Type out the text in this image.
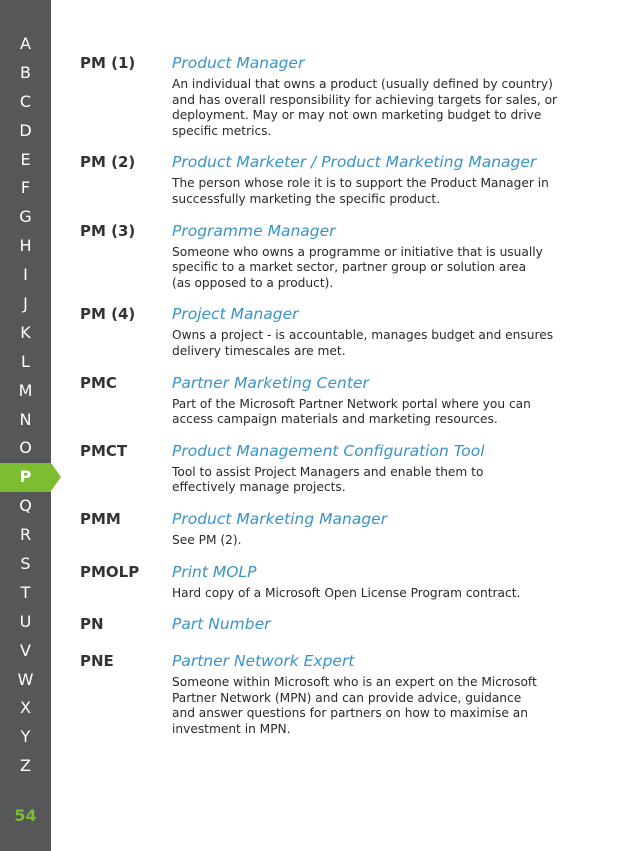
A
B
C
D
E
F
G
H
I
J
K
L
M
N
O
P
Q
R
S
T
U
V
W
X
Y
Z
54
PM (1)	Product Manager
An individual that owns a product (usually defined by country)
and has overall responsibility for achieving targets for sales, or
deployment. May or may not own marketing budget to drive
specific metrics.
PM (2)	Product Marketer / Product Marketing Manager
The person whose role it is to support the Product Manager in
successfully marketing the specific product.
PM (3)	Programme Manager
Someone who owns a programme or initiative that is usually
specific to a market sector, partner group or solution area
(as opposed to a product).
PM (4)	Project Manager
Owns a project - is accountable, manages budget and ensures
delivery timescales are met.
PMC	Partner Marketing Center
Part of the Microsoft Partner Network portal where you can
access campaign materials and marketing resources.
PMCT	Product Management Configuration Tool
Tool to assist Project Managers and enable them to
effectively manage projects.
PMM	Product Marketing Manager
See PM (2).
PMOLP	Print MOLP
Hard copy of a Microsoft Open License Program contract.
PN	Part Number
PNE	Partner Network Expert
Someone within Microsoft who is an expert on the Microsoft
Partner Network (MPN) and can provide advice, guidance
and answer questions for partners on how to maximise an
investment in MPN.
